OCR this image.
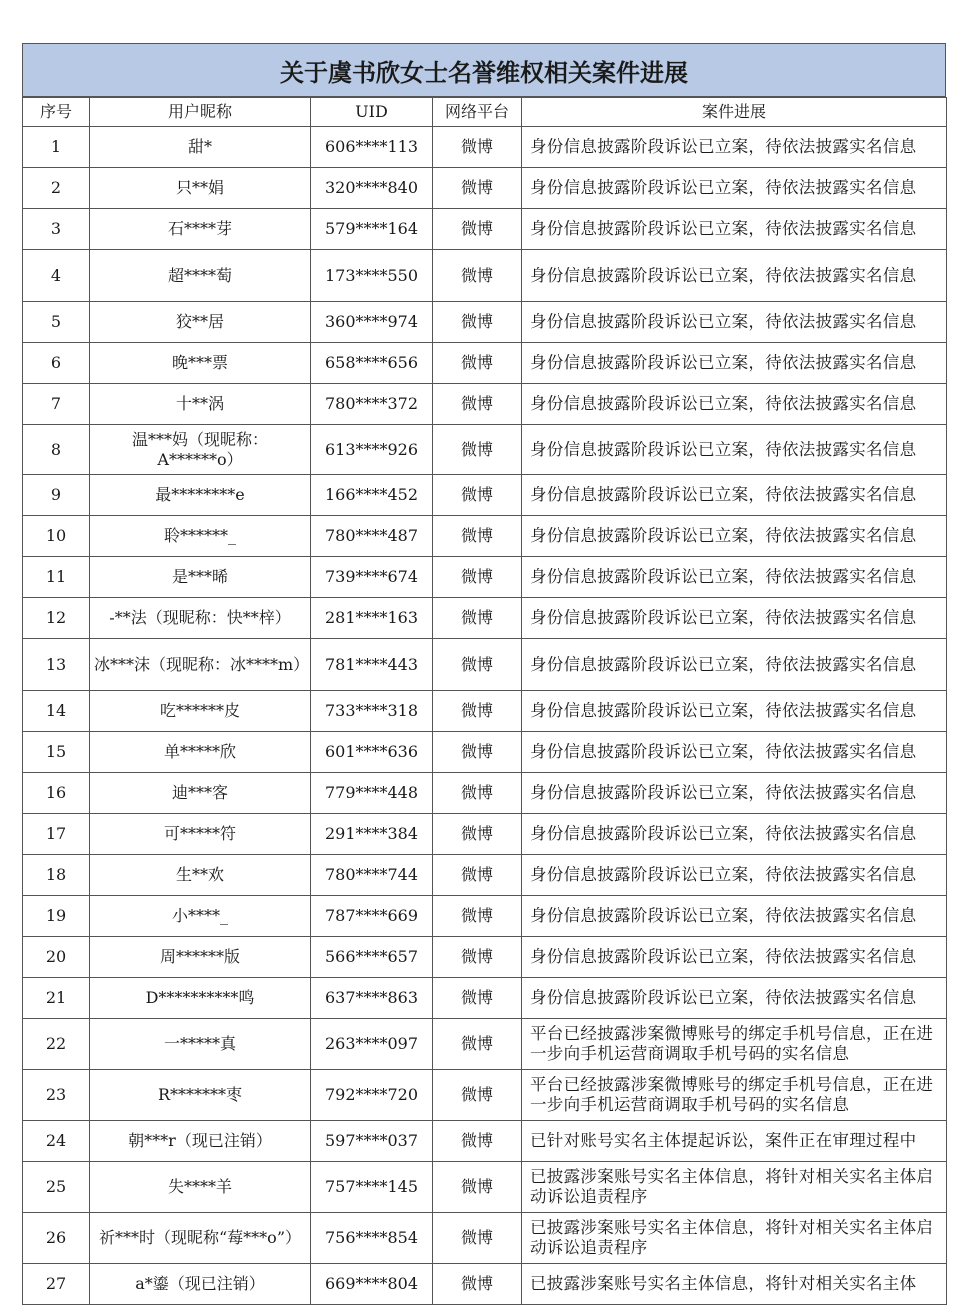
关于虞书欣女士名誉维权相关案件进展
序号	用户昵称	UID	网络平台	案件进展
1	甜*	606****113	微博	身份信息披露阶段诉讼已立案，待依法披露实名信息
2	只**娟	320****840	微博	身份信息披露阶段诉讼已立案，待依法披露实名信息
3	石****芽	579****164	微博	身份信息披露阶段诉讼已立案，待依法披露实名信息
4	超****萄	173****550	微博	身份信息披露阶段诉讼已立案，待依法披露实名信息
5	狡**居	360****974	微博	身份信息披露阶段诉讼已立案，待依法披露实名信息
6	晚***票	658****656	微博	身份信息披露阶段诉讼已立案，待依法披露实名信息
7	十**涡	780****372	微博	身份信息披露阶段诉讼已立案，待依法披露实名信息
8	温***妈（现昵称：A******o）	613****926	微博	身份信息披露阶段诉讼已立案，待依法披露实名信息
9	最********e	166****452	微博	身份信息披露阶段诉讼已立案，待依法披露实名信息
10	聆******_	780****487	微博	身份信息披露阶段诉讼已立案，待依法披露实名信息
11	是***晞	739****674	微博	身份信息披露阶段诉讼已立案，待依法披露实名信息
12	-**法（现昵称：快**梓）	281****163	微博	身份信息披露阶段诉讼已立案，待依法披露实名信息
13	冰***沫（现昵称：冰****m）	781****443	微博	身份信息披露阶段诉讼已立案，待依法披露实名信息
14	吃******皮	733****318	微博	身份信息披露阶段诉讼已立案，待依法披露实名信息
15	单*****欣	601****636	微博	身份信息披露阶段诉讼已立案，待依法披露实名信息
16	迪***客	779****448	微博	身份信息披露阶段诉讼已立案，待依法披露实名信息
17	可*****符	291****384	微博	身份信息披露阶段诉讼已立案，待依法披露实名信息
18	生**欢	780****744	微博	身份信息披露阶段诉讼已立案，待依法披露实名信息
19	小****_	787****669	微博	身份信息披露阶段诉讼已立案，待依法披露实名信息
20	周******版	566****657	微博	身份信息披露阶段诉讼已立案，待依法披露实名信息
21	D**********鸣	637****863	微博	身份信息披露阶段诉讼已立案，待依法披露实名信息
22	一*****真	263****097	微博	平台已经披露涉案微博账号的绑定手机号信息，正在进一步向手机运营商调取手机号码的实名信息
23	R*******枣	792****720	微博	平台已经披露涉案微博账号的绑定手机号信息，正在进一步向手机运营商调取手机号码的实名信息
24	朝***r（现已注销）	597****037	微博	已针对账号实名主体提起诉讼，案件正在审理过程中
25	失****羊	757****145	微博	已披露涉案账号实名主体信息，将针对相关实名主体启动诉讼追责程序
26	祈***时（现昵称“莓***o”）	756****854	微博	已披露涉案账号实名主体信息，将针对相关实名主体启动诉讼追责程序
27	a*鎏（现已注销）	669****804	微博	已披露涉案账号实名主体信息，将针对相关实名主体
